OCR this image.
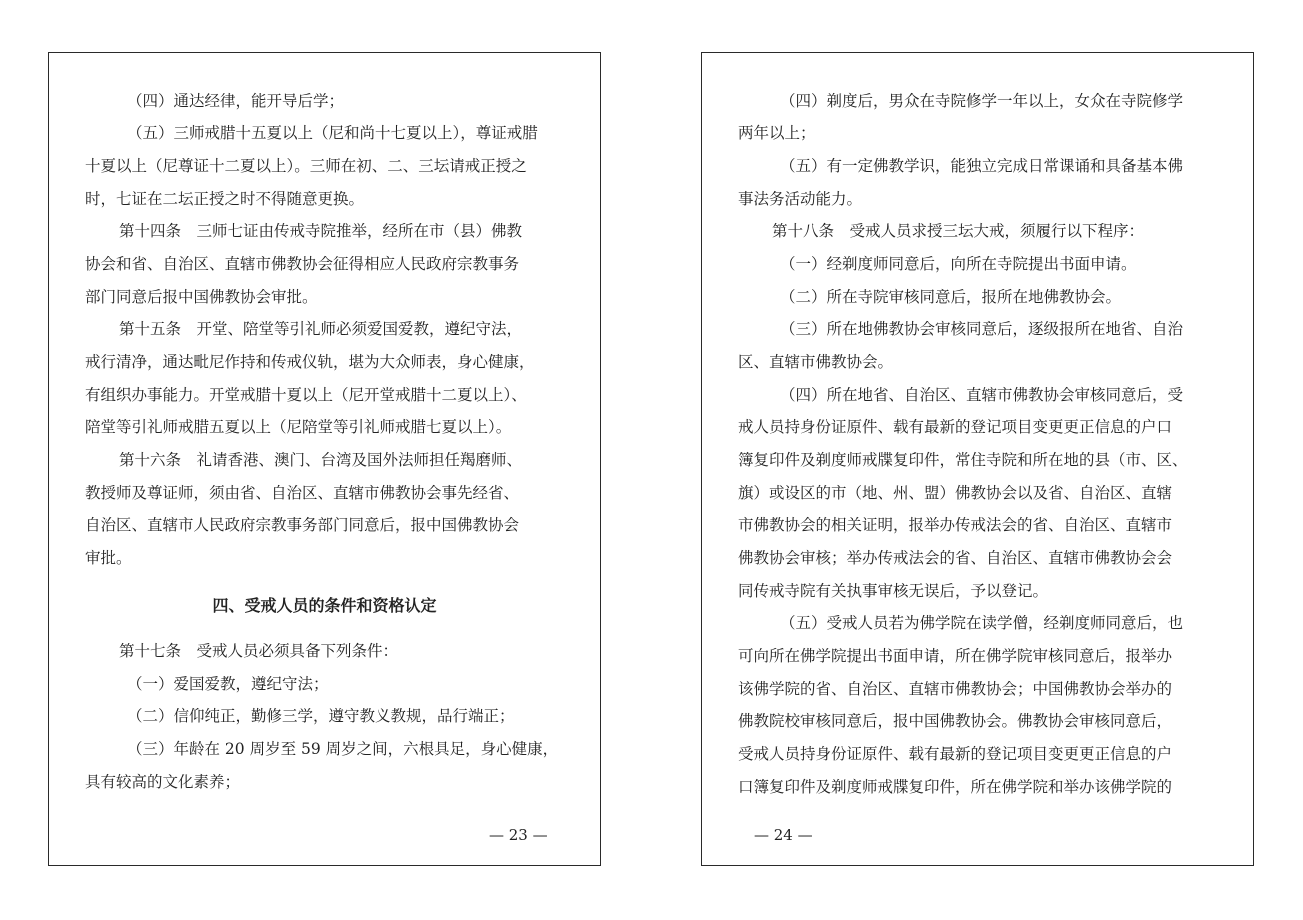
（四）通达经律，能开导后学；

（五）三师戒腊十五夏以上（尼和尚十七夏以上），尊证戒腊

十夏以上（尼尊证十二夏以上）。三师在初、二、三坛请戒正授之

时，七证在二坛正授之时不得随意更换。

第十四条　三师七证由传戒寺院推举，经所在市（县）佛教

协会和省、自治区、直辖市佛教协会征得相应人民政府宗教事务

部门同意后报中国佛教协会审批。

第十五条　开堂、陪堂等引礼师必须爱国爱教，遵纪守法，

戒行清净，通达毗尼作持和传戒仪轨，堪为大众师表，身心健康，

有组织办事能力。开堂戒腊十夏以上（尼开堂戒腊十二夏以上）、

陪堂等引礼师戒腊五夏以上（尼陪堂等引礼师戒腊七夏以上）。

第十六条　礼请香港、澳门、台湾及国外法师担任羯磨师、

教授师及尊证师，须由省、自治区、直辖市佛教协会事先经省、

自治区、直辖市人民政府宗教事务部门同意后，报中国佛教协会

审批。

四、受戒人员的条件和资格认定

第十七条　受戒人员必须具备下列条件：

（一）爱国爱教，遵纪守法；

（二）信仰纯正，勤修三学，遵守教义教规，品行端正；

（三）年龄在 20 周岁至 59 周岁之间，六根具足，身心健康，

具有较高的文化素养；

— 23 —

（四）剃度后，男众在寺院修学一年以上，女众在寺院修学

两年以上；

（五）有一定佛教学识，能独立完成日常课诵和具备基本佛

事法务活动能力。

第十八条　受戒人员求授三坛大戒，须履行以下程序：

（一）经剃度师同意后，向所在寺院提出书面申请。

（二）所在寺院审核同意后，报所在地佛教协会。

（三）所在地佛教协会审核同意后，逐级报所在地省、自治

区、直辖市佛教协会。

（四）所在地省、自治区、直辖市佛教协会审核同意后，受

戒人员持身份证原件、载有最新的登记项目变更更正信息的户口

簿复印件及剃度师戒牒复印件，常住寺院和所在地的县（市、区、

旗）或设区的市（地、州、盟）佛教协会以及省、自治区、直辖

市佛教协会的相关证明，报举办传戒法会的省、自治区、直辖市

佛教协会审核；举办传戒法会的省、自治区、直辖市佛教协会会

同传戒寺院有关执事审核无误后，予以登记。

（五）受戒人员若为佛学院在读学僧，经剃度师同意后，也

可向所在佛学院提出书面申请，所在佛学院审核同意后，报举办

该佛学院的省、自治区、直辖市佛教协会；中国佛教协会举办的

佛教院校审核同意后，报中国佛教协会。佛教协会审核同意后，

受戒人员持身份证原件、载有最新的登记项目变更更正信息的户

口簿复印件及剃度师戒牒复印件，所在佛学院和举办该佛学院的

— 24 —
